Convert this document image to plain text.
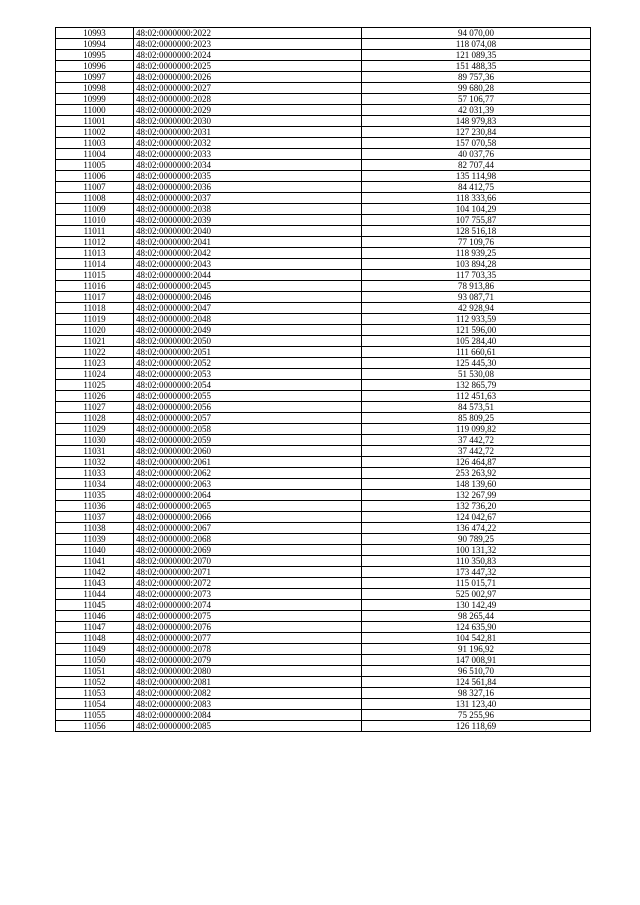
10993	48:02:0000000:2022	94 070,00
10994	48:02:0000000:2023	118 074,08
10995	48:02:0000000:2024	121 089,35
10996	48:02:0000000:2025	151 488,35
10997	48:02:0000000:2026	89 757,36
10998	48:02:0000000:2027	99 680,28
10999	48:02:0000000:2028	57 106,77
11000	48:02:0000000:2029	42 031,39
11001	48:02:0000000:2030	148 979,83
11002	48:02:0000000:2031	127 230,84
11003	48:02:0000000:2032	157 070,58
11004	48:02:0000000:2033	40 037,76
11005	48:02:0000000:2034	82 707,44
11006	48:02:0000000:2035	135 114,98
11007	48:02:0000000:2036	84 412,75
11008	48:02:0000000:2037	118 333,66
11009	48:02:0000000:2038	104 104,29
11010	48:02:0000000:2039	107 755,87
11011	48:02:0000000:2040	128 516,18
11012	48:02:0000000:2041	77 109,76
11013	48:02:0000000:2042	118 939,25
11014	48:02:0000000:2043	103 894,28
11015	48:02:0000000:2044	117 703,35
11016	48:02:0000000:2045	78 913,86
11017	48:02:0000000:2046	93 087,71
11018	48:02:0000000:2047	42 928,94
11019	48:02:0000000:2048	112 933,59
11020	48:02:0000000:2049	121 596,00
11021	48:02:0000000:2050	105 284,40
11022	48:02:0000000:2051	111 660,61
11023	48:02:0000000:2052	125 445,30
11024	48:02:0000000:2053	51 530,08
11025	48:02:0000000:2054	132 865,79
11026	48:02:0000000:2055	112 451,63
11027	48:02:0000000:2056	84 573,51
11028	48:02:0000000:2057	85 809,25
11029	48:02:0000000:2058	119 099,82
11030	48:02:0000000:2059	37 442,72
11031	48:02:0000000:2060	37 442,72
11032	48:02:0000000:2061	126 464,87
11033	48:02:0000000:2062	253 263,92
11034	48:02:0000000:2063	148 139,60
11035	48:02:0000000:2064	132 267,99
11036	48:02:0000000:2065	132 736,20
11037	48:02:0000000:2066	124 042,67
11038	48:02:0000000:2067	136 474,22
11039	48:02:0000000:2068	90 789,25
11040	48:02:0000000:2069	100 131,32
11041	48:02:0000000:2070	110 350,83
11042	48:02:0000000:2071	173 447,32
11043	48:02:0000000:2072	115 015,71
11044	48:02:0000000:2073	525 002,97
11045	48:02:0000000:2074	130 142,49
11046	48:02:0000000:2075	98 265,44
11047	48:02:0000000:2076	124 635,90
11048	48:02:0000000:2077	104 542,81
11049	48:02:0000000:2078	91 196,92
11050	48:02:0000000:2079	147 008,91
11051	48:02:0000000:2080	96 510,70
11052	48:02:0000000:2081	124 561,84
11053	48:02:0000000:2082	98 327,16
11054	48:02:0000000:2083	131 123,40
11055	48:02:0000000:2084	75 255,96
11056	48:02:0000000:2085	126 118,69
